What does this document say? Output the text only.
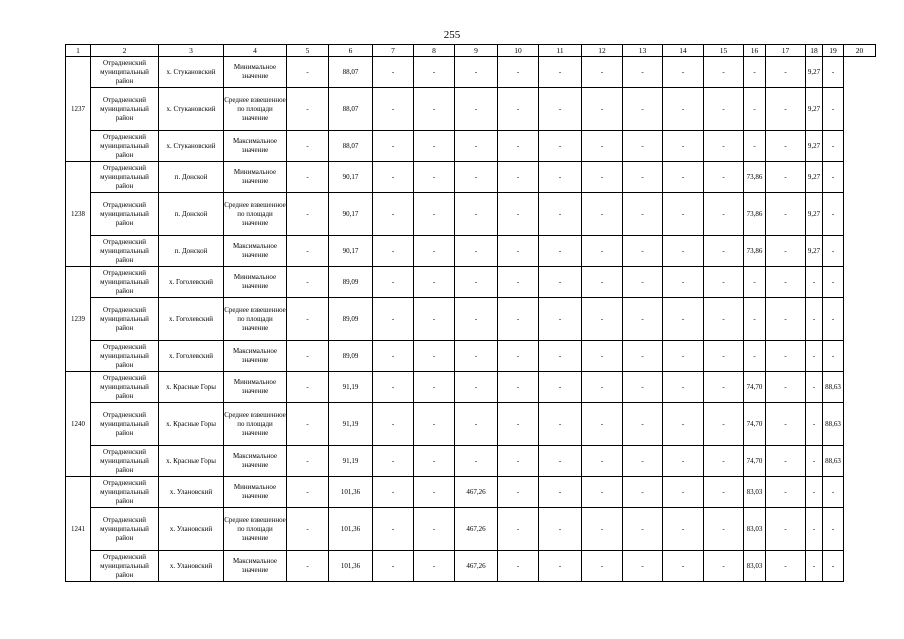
255
1	2	3	4	5	6	7	8	9	10	11	12	13	14	15	16	17	18	19	20
1237	Отрадненский муниципальный район	х. Стукановский	Минимальное значение	-	88,07	-	-	-	-	-	-	-	-	-	-	-	9,27	-	
	Отрадненский муниципальный район	х. Стукановский	Среднее взвешенное по площади значение	-	88,07	-	-	-	-	-	-	-	-	-	-	-	9,27	-	
	Отрадненский муниципальный район	х. Стукановский	Максимальное значение	-	88,07	-	-	-	-	-	-	-	-	-	-	-	9,27	-	
1238	Отрадненский муниципальный район	п. Донской	Минимальное значение	-	90,17	-	-	-	-	-	-	-	-	-	73,86	-	9,27	-	
	Отрадненский муниципальный район	п. Донской	Среднее взвешенное по площади значение	-	90,17	-	-	-	-	-	-	-	-	-	73,86	-	9,27	-	
	Отрадненский муниципальный район	п. Донской	Максимальное значение	-	90,17	-	-	-	-	-	-	-	-	-	73,86	-	9,27	-	
1239	Отрадненский муниципальный район	х. Гоголевский	Минимальное значение	-	89,09	-	-	-	-	-	-	-	-	-	-	-	-	-	
	Отрадненский муниципальный район	х. Гоголевский	Среднее взвешенное по площади значение	-	89,09	-	-	-	-	-	-	-	-	-	-	-	-	-	
	Отрадненский муниципальный район	х. Гоголевский	Максимальное значение	-	89,09	-	-	-	-	-	-	-	-	-	-	-	-	-	
1240	Отрадненский муниципальный район	х. Красные Горы	Минимальное значение	-	91,19	-	-	-	-	-	-	-	-	-	74,70	-	-	88,63	
	Отрадненский муниципальный район	х. Красные Горы	Среднее взвешенное по площади значение	-	91,19	-	-	-	-	-	-	-	-	-	74,70	-	-	88,63	
	Отрадненский муниципальный район	х. Красные Горы	Максимальное значение	-	91,19	-	-	-	-	-	-	-	-	-	74,70	-	-	88,63	
1241	Отрадненский муниципальный район	х. Улановский	Минимальное значение	-	101,36	-	-	467,26	-	-	-	-	-	-	83,03	-	-	-	
	Отрадненский муниципальный район	х. Улановский	Среднее взвешенное по площади значение	-	101,36	-	-	467,26	-	-	-	-	-	-	83,03	-	-	-	
	Отрадненский муниципальный район	х. Улановский	Максимальное значение	-	101,36	-	-	467,26	-	-	-	-	-	-	83,03	-	-	-	
